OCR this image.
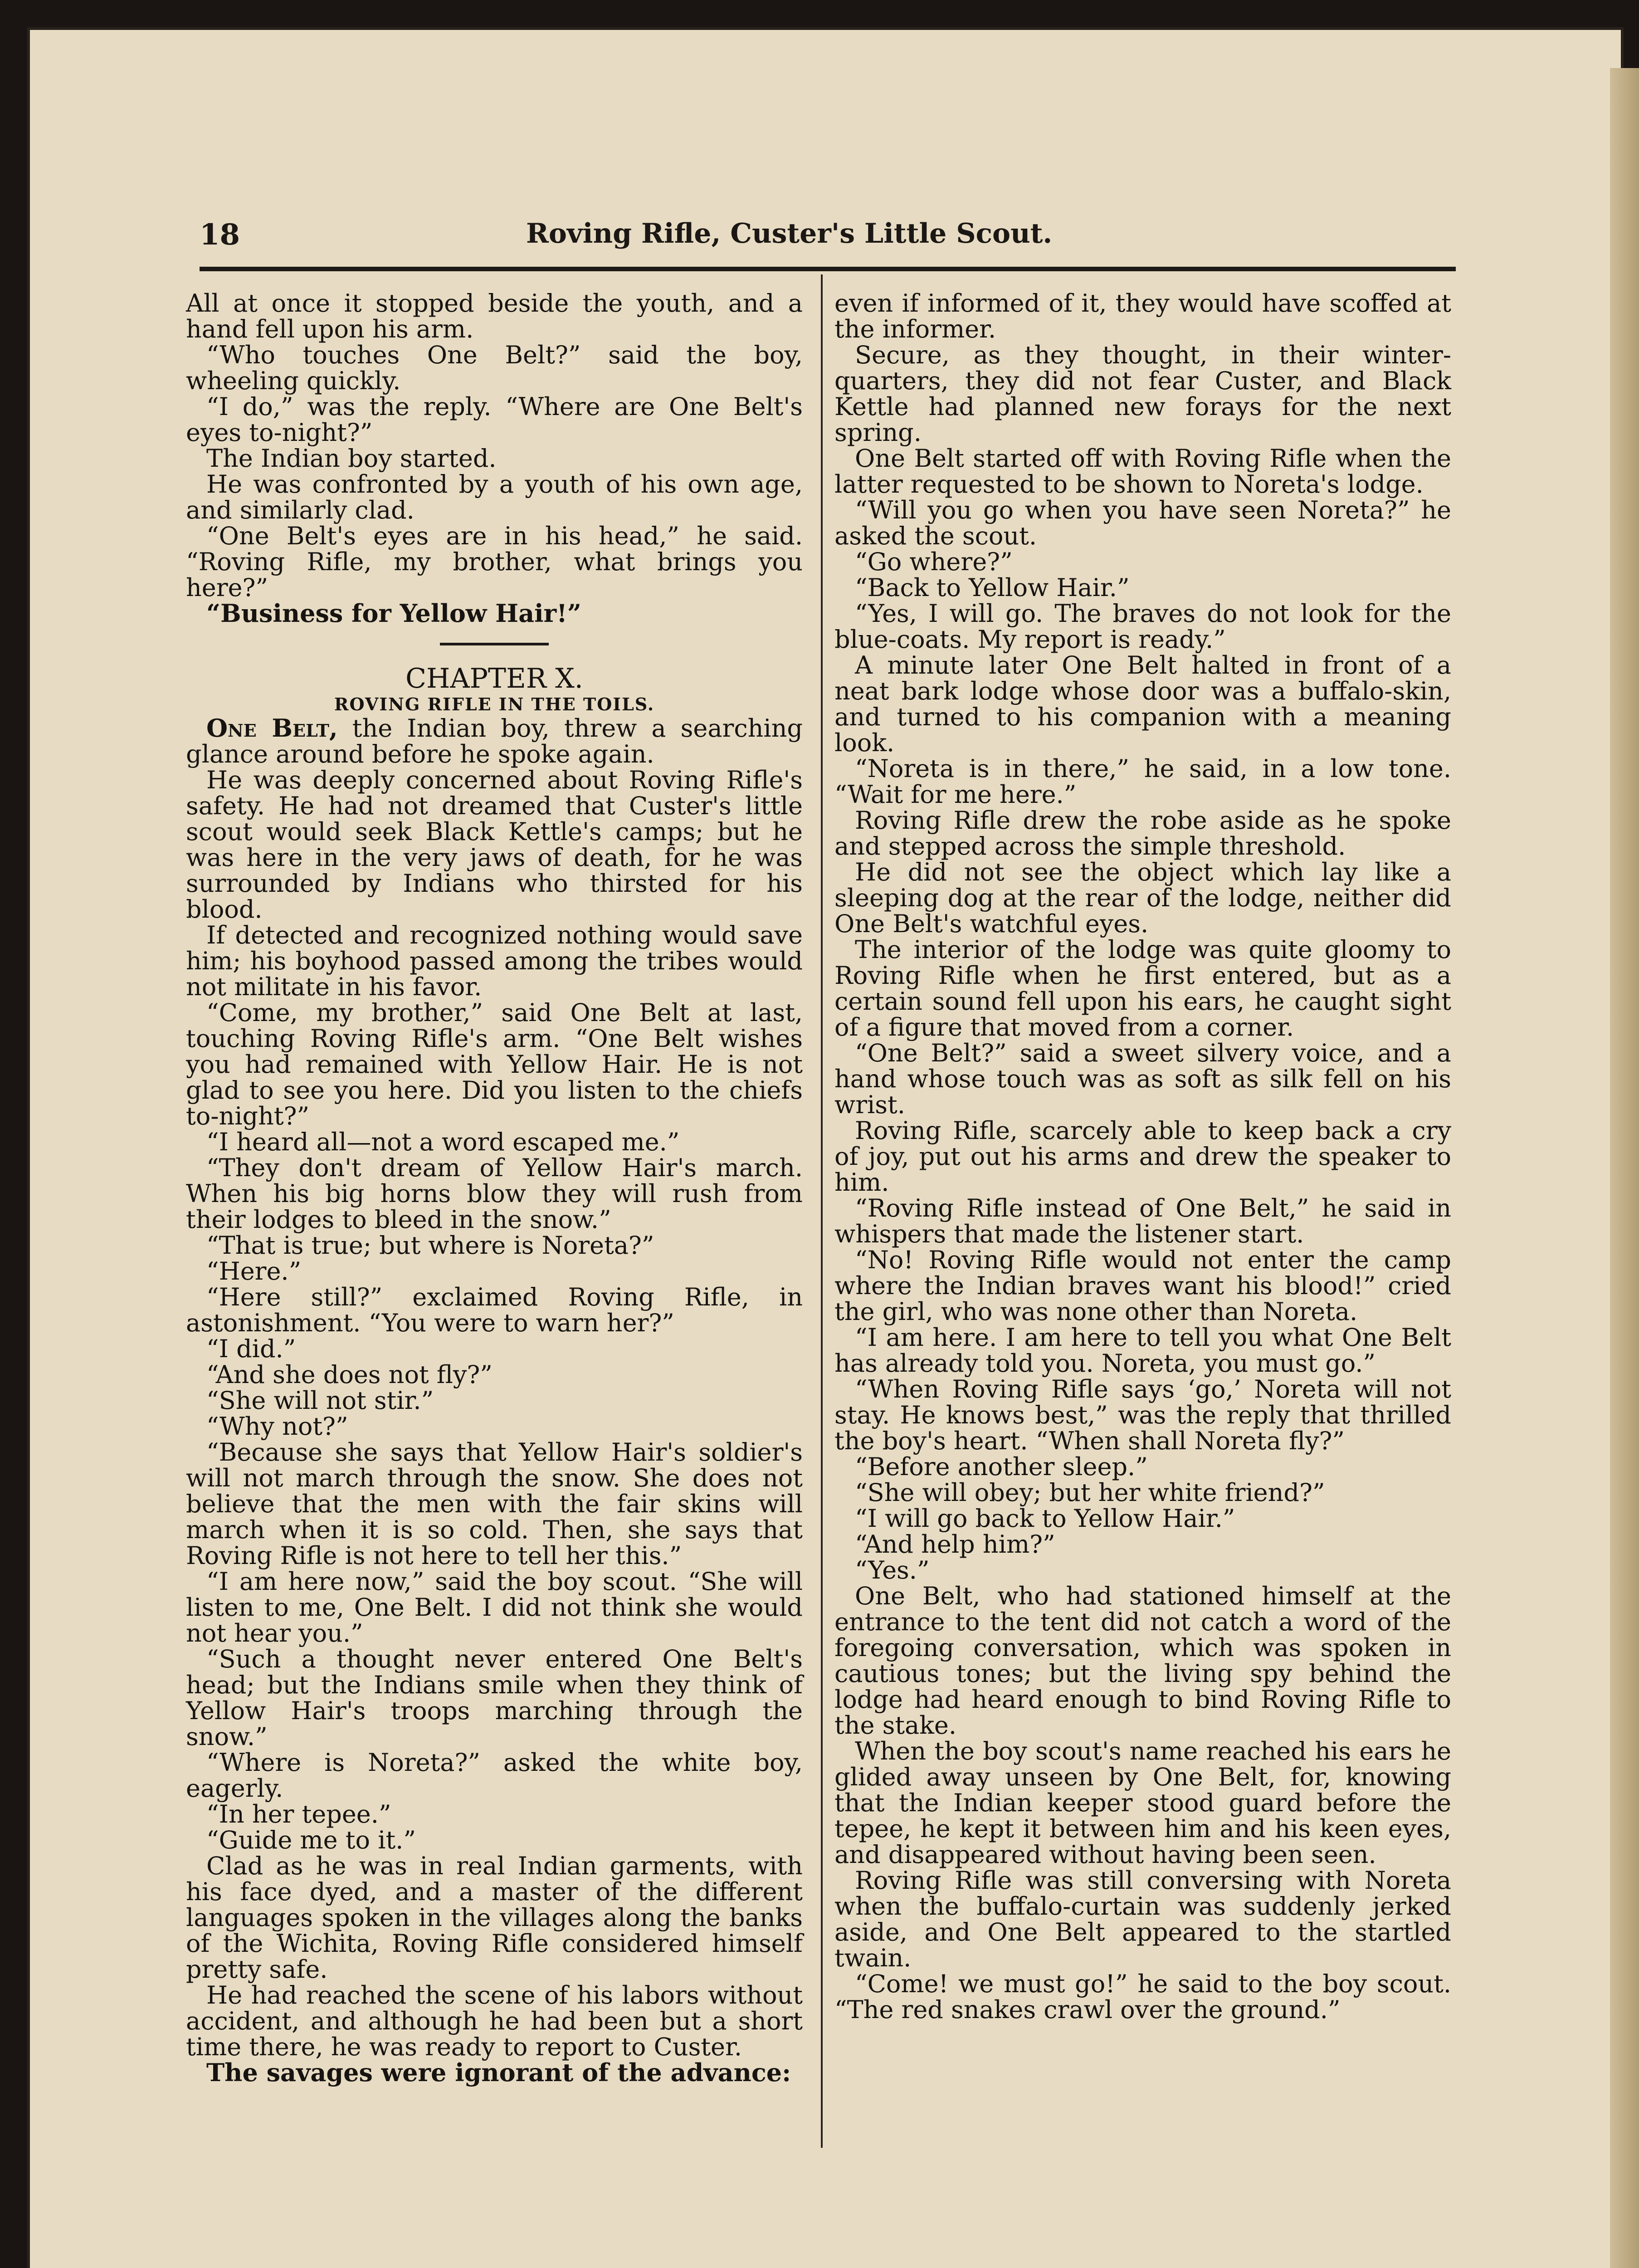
18	Roving Rifle, Custer's Little Scout.

All at once it stopped beside the youth, and a hand fell upon his arm.

“Who touches One Belt?” said the boy, wheeling quickly.

“I do,” was the reply. “Where are One Belt's eyes to-night?”

The Indian boy started.

He was confronted by a youth of his own age, and similarly clad.

“One Belt's eyes are in his head,” he said. “Roving Rifle, my brother, what brings you here?”

“Business for Yellow Hair!”

CHAPTER X.

ROVING RIFLE IN THE TOILS.

One Belt, the Indian boy, threw a searching glance around before he spoke again.

He was deeply concerned about Roving Rifle's safety. He had not dreamed that Custer's little scout would seek Black Kettle's camps; but he was here in the very jaws of death, for he was surrounded by Indians who thirsted for his blood.

If detected and recognized nothing would save him; his boyhood passed among the tribes would not militate in his favor.

“Come, my brother,” said One Belt at last, touching Roving Rifle's arm. “One Belt wishes you had remained with Yellow Hair. He is not glad to see you here. Did you listen to the chiefs to-night?”

“I heard all—not a word escaped me.”

“They don't dream of Yellow Hair's march. When his big horns blow they will rush from their lodges to bleed in the snow.”

“That is true; but where is Noreta?”

“Here.”

“Here still?” exclaimed Roving Rifle, in astonishment. “You were to warn her?”

“I did.”

“And she does not fly?”

“She will not stir.”

“Why not?”

“Because she says that Yellow Hair's soldier's will not march through the snow. She does not believe that the men with the fair skins will march when it is so cold. Then, she says that Roving Rifle is not here to tell her this.”

“I am here now,” said the boy scout. “She will listen to me, One Belt. I did not think she would not hear you.”

“Such a thought never entered One Belt's head; but the Indians smile when they think of Yellow Hair's troops marching through the snow.”

“Where is Noreta?” asked the white boy, eagerly.

“In her tepee.”

“Guide me to it.”

Clad as he was in real Indian garments, with his face dyed, and a master of the different languages spoken in the villages along the banks of the Wichita, Roving Rifle considered himself pretty safe.

He had reached the scene of his labors without accident, and although he had been but a short time there, he was ready to report to Custer.

The savages were ignorant of the advance:

even if informed of it, they would have scoffed at the informer.

Secure, as they thought, in their winter-quarters, they did not fear Custer, and Black Kettle had planned new forays for the next spring.

One Belt started off with Roving Rifle when the latter requested to be shown to Noreta's lodge.

“Will you go when you have seen Noreta?” he asked the scout.

“Go where?”

“Back to Yellow Hair.”

“Yes, I will go. The braves do not look for the blue-coats. My report is ready.”

A minute later One Belt halted in front of a neat bark lodge whose door was a buffalo-skin, and turned to his companion with a meaning look.

“Noreta is in there,” he said, in a low tone. “Wait for me here.”

Roving Rifle drew the robe aside as he spoke and stepped across the simple threshold.

He did not see the object which lay like a sleeping dog at the rear of the lodge, neither did One Belt's watchful eyes.

The interior of the lodge was quite gloomy to Roving Rifle when he first entered, but as a certain sound fell upon his ears, he caught sight of a figure that moved from a corner.

“One Belt?” said a sweet silvery voice, and a hand whose touch was as soft as silk fell on his wrist.

Roving Rifle, scarcely able to keep back a cry of joy, put out his arms and drew the speaker to him.

“Roving Rifle instead of One Belt,” he said in whispers that made the listener start.

“No! Roving Rifle would not enter the camp where the Indian braves want his blood!” cried the girl, who was none other than Noreta.

“I am here. I am here to tell you what One Belt has already told you. Noreta, you must go.”

“When Roving Rifle says ‘go,’ Noreta will not stay. He knows best,” was the reply that thrilled the boy's heart. “When shall Noreta fly?”

“Before another sleep.”

“She will obey; but her white friend?”

“I will go back to Yellow Hair.”

“And help him?”

“Yes.”

One Belt, who had stationed himself at the entrance to the tent did not catch a word of the foregoing conversation, which was spoken in cautious tones; but the living spy behind the lodge had heard enough to bind Roving Rifle to the stake.

When the boy scout's name reached his ears he glided away unseen by One Belt, for, knowing that the Indian keeper stood guard before the tepee, he kept it between him and his keen eyes, and disappeared without having been seen.

Roving Rifle was still conversing with Noreta when the buffalo-curtain was suddenly jerked aside, and One Belt appeared to the startled twain.

“Come! we must go!” he said to the boy scout. “The red snakes crawl over the ground.”
